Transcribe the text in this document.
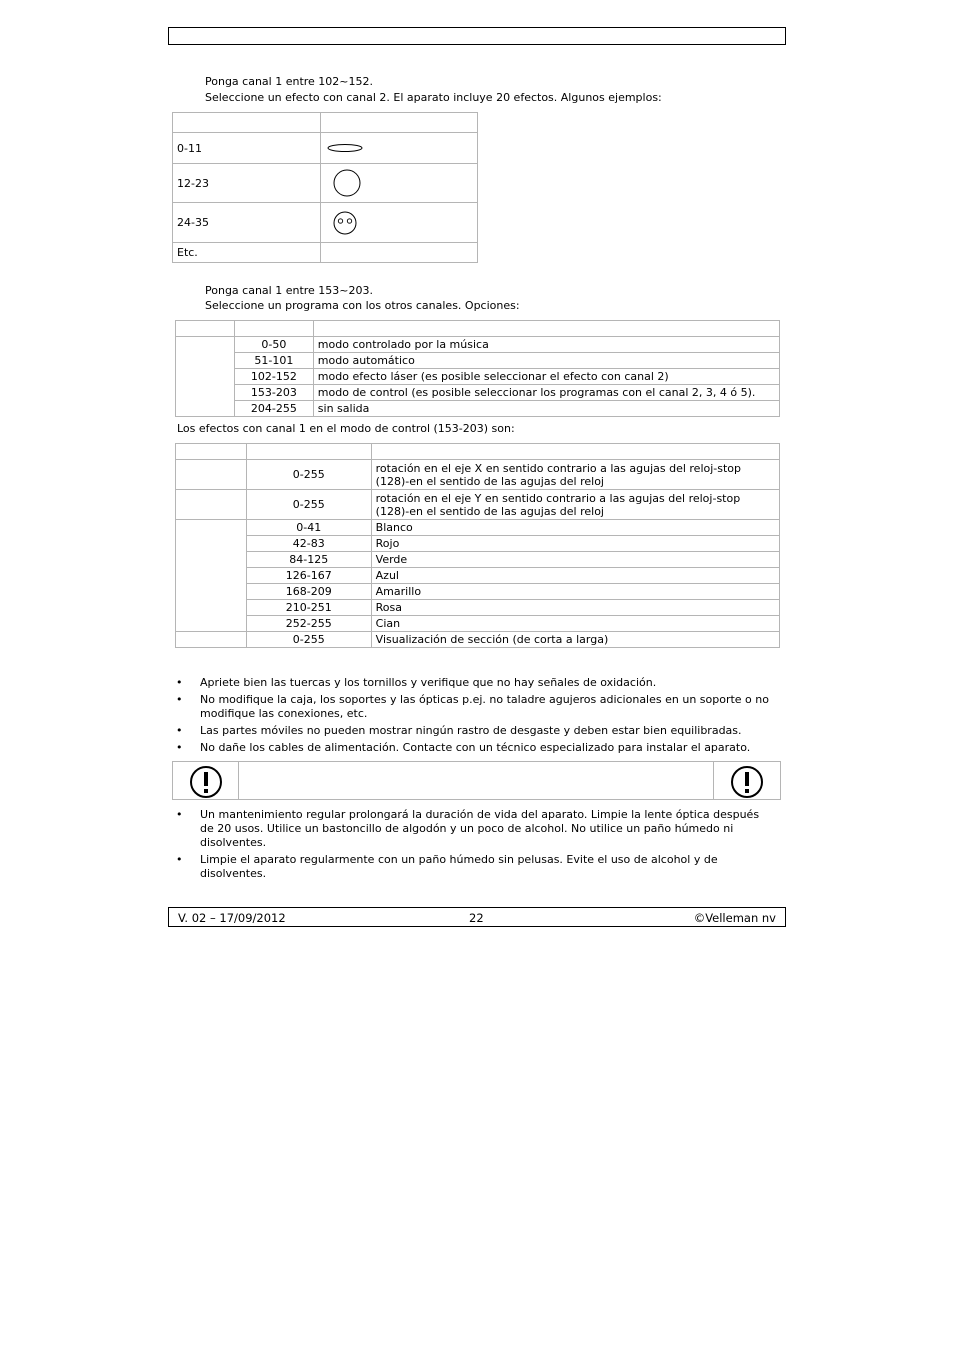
Ponga canal 1 entre 102~152.
Seleccione un efecto con canal 2. El aparato incluye 20 efectos. Algunos ejemplos:

0-11	

12-23	

24-35	

Etc.	
Ponga canal 1 entre 153~203.
Seleccione un programa con los otros canales. Opciones:

	0-50	modo controlado por la música
	51-101	modo automático
	102-152	modo efecto láser (es posible seleccionar el efecto con canal 2)
	153-203	modo de control (es posible seleccionar los programas con el canal 2, 3, 4 ó 5).
	204-255	sin salida
Los efectos con canal 1 en el modo de control (153-203) son:

	0-255	rotación en el eje X en sentido contrario a las agujas del reloj-stop
(128)-en el sentido de las agujas del reloj
	0-255	rotación en el eje Y en sentido contrario a las agujas del reloj-stop
(128)-en el sentido de las agujas del reloj
	0-41	Blanco
	42-83	Rojo
	84-125	Verde
	126-167	Azul
	168-209	Amarillo
	210-251	Rosa
	252-255	Cian
	0-255	Visualización de sección (de corta a larga)
• Apriete bien las tuercas y los tornillos y verifique que no hay señales de oxidación.
• No modifique la caja, los soportes y las ópticas p.ej. no taladre agujeros adicionales en un soporte o no modifique las conexiones, etc.
• Las partes móviles no pueden mostrar ningún rastro de desgaste y deben estar bien equilibradas.
• No dañe los cables de alimentación. Contacte con un técnico especializado para instalar el aparato.
• Un mantenimiento regular prolongará la duración de vida del aparato. Limpie la lente óptica después de 20 usos. Utilice un bastoncillo de algodón y un poco de alcohol. No utilice un paño húmedo ni disolventes.
• Limpie el aparato regularmente con un paño húmedo sin pelusas. Evite el uso de alcohol y de disolventes.
V. 02 – 17/09/2012	22	©Velleman nv
